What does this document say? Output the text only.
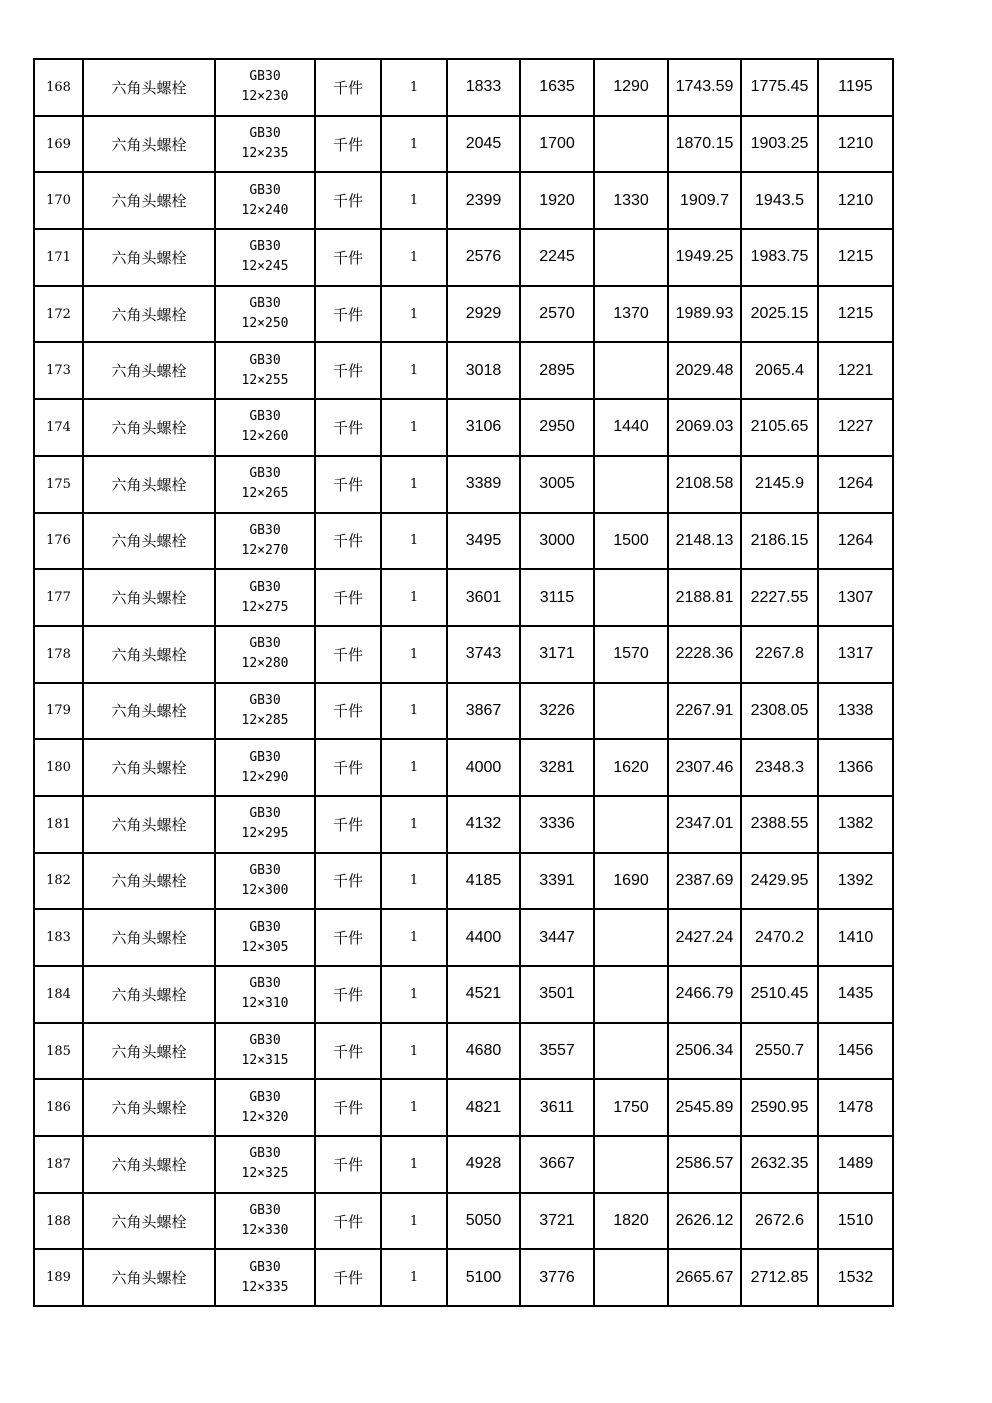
168	六角头螺栓	GB30
12×230	千件	1	1833	1635	1290	1743.59	1775.45	1195
169	六角头螺栓	GB30
12×235	千件	1	2045	1700		1870.15	1903.25	1210
170	六角头螺栓	GB30
12×240	千件	1	2399	1920	1330	1909.7	1943.5	1210
171	六角头螺栓	GB30
12×245	千件	1	2576	2245		1949.25	1983.75	1215
172	六角头螺栓	GB30
12×250	千件	1	2929	2570	1370	1989.93	2025.15	1215
173	六角头螺栓	GB30
12×255	千件	1	3018	2895		2029.48	2065.4	1221
174	六角头螺栓	GB30
12×260	千件	1	3106	2950	1440	2069.03	2105.65	1227
175	六角头螺栓	GB30
12×265	千件	1	3389	3005		2108.58	2145.9	1264
176	六角头螺栓	GB30
12×270	千件	1	3495	3000	1500	2148.13	2186.15	1264
177	六角头螺栓	GB30
12×275	千件	1	3601	3115		2188.81	2227.55	1307
178	六角头螺栓	GB30
12×280	千件	1	3743	3171	1570	2228.36	2267.8	1317
179	六角头螺栓	GB30
12×285	千件	1	3867	3226		2267.91	2308.05	1338
180	六角头螺栓	GB30
12×290	千件	1	4000	3281	1620	2307.46	2348.3	1366
181	六角头螺栓	GB30
12×295	千件	1	4132	3336		2347.01	2388.55	1382
182	六角头螺栓	GB30
12×300	千件	1	4185	3391	1690	2387.69	2429.95	1392
183	六角头螺栓	GB30
12×305	千件	1	4400	3447		2427.24	2470.2	1410
184	六角头螺栓	GB30
12×310	千件	1	4521	3501		2466.79	2510.45	1435
185	六角头螺栓	GB30
12×315	千件	1	4680	3557		2506.34	2550.7	1456
186	六角头螺栓	GB30
12×320	千件	1	4821	3611	1750	2545.89	2590.95	1478
187	六角头螺栓	GB30
12×325	千件	1	4928	3667		2586.57	2632.35	1489
188	六角头螺栓	GB30
12×330	千件	1	5050	3721	1820	2626.12	2672.6	1510
189	六角头螺栓	GB30
12×335	千件	1	5100	3776		2665.67	2712.85	1532
